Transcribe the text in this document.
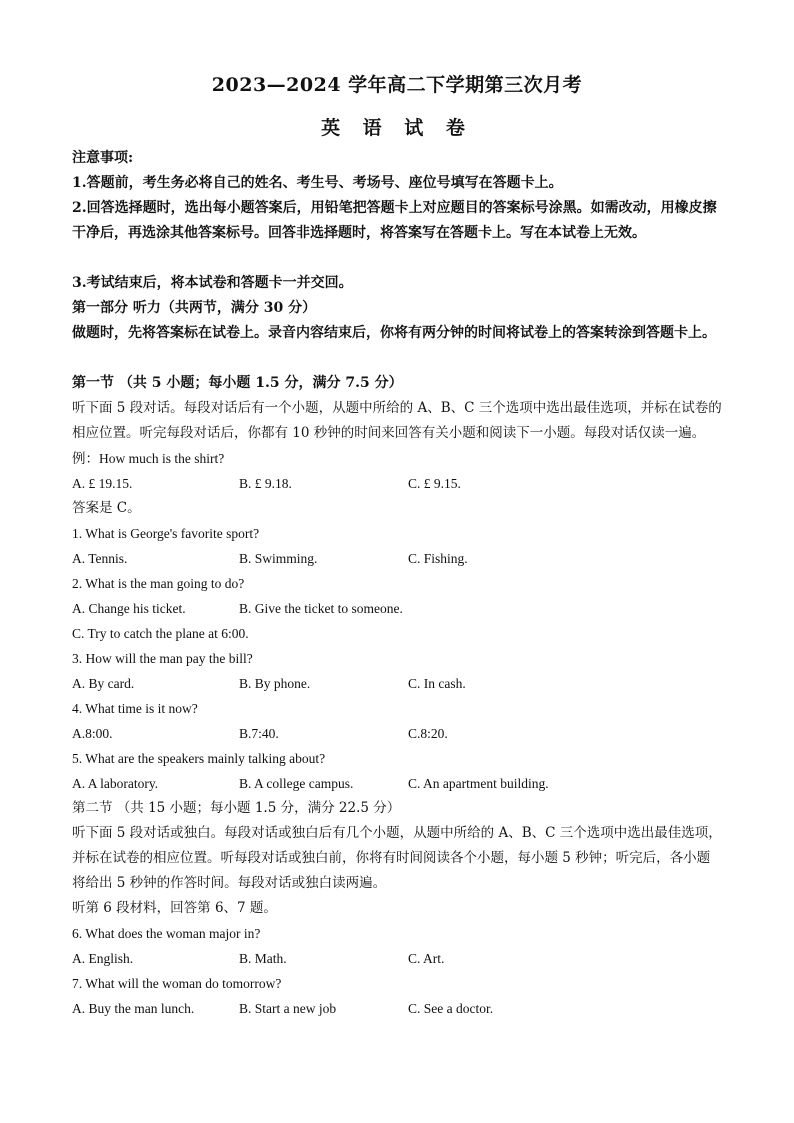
2023—2024 学年高二下学期第三次月考
英 语 试 卷
注意事项:
1.答题前，考生务必将自己的姓名、考生号、考场号、座位号填写在答题卡上。
2.回答选择题时，选出每小题答案后，用铅笔把答题卡上对应题目的答案标号涂黑。如需改动，用橡皮擦干净后，再选涂其他答案标号。回答非选择题时，将答案写在答题卡上。写在本试卷上无效。
3.考试结束后，将本试卷和答题卡一并交回。
第一部分 听力（共两节，满分 30 分）
做题时，先将答案标在试卷上。录音内容结束后，你将有两分钟的时间将试卷上的答案转涂到答题卡上。
第一节 （共 5 小题；每小题 1.5 分，满分 7.5 分）
听下面 5 段对话。每段对话后有一个小题，从题中所给的 A、B、C 三个选项中选出最佳选项，并标在试卷的相应位置。听完每段对话后，你都有 10 秒钟的时间来回答有关小题和阅读下一小题。每段对话仅读一遍。
例：How much is the shirt?
A. £ 19.15.	B. £ 9.18.	C. £ 9.15.
答案是 C。
1. What is George's favorite sport?
A. Tennis.	B. Swimming.	C. Fishing.
2. What is the man going to do?
A. Change his ticket.	B. Give the ticket to someone.
C. Try to catch the plane at 6:00.
3. How will the man pay the bill?
A. By card.	B. By phone.	C. In cash.
4. What time is it now?
A.8:00.	B.7:40.	C.8:20.
5. What are the speakers mainly talking about?
A. A laboratory.	B. A college campus.	C. An apartment building.
第二节 （共 15 小题；每小题 1.5 分，满分 22.5 分）
听下面 5 段对话或独白。每段对话或独白后有几个小题，从题中所给的 A、B、C 三个选项中选出最佳选项，并标在试卷的相应位置。听每段对话或独白前，你将有时间阅读各个小题，每小题 5 秒钟；听完后，各小题将给出 5 秒钟的作答时间。每段对话或独白读两遍。
听第 6 段材料，回答第 6、7 题。
6. What does the woman major in?
A. English.	B. Math.	C. Art.
7. What will the woman do tomorrow?
A. Buy the man lunch.	B. Start a new job	C. See a doctor.
